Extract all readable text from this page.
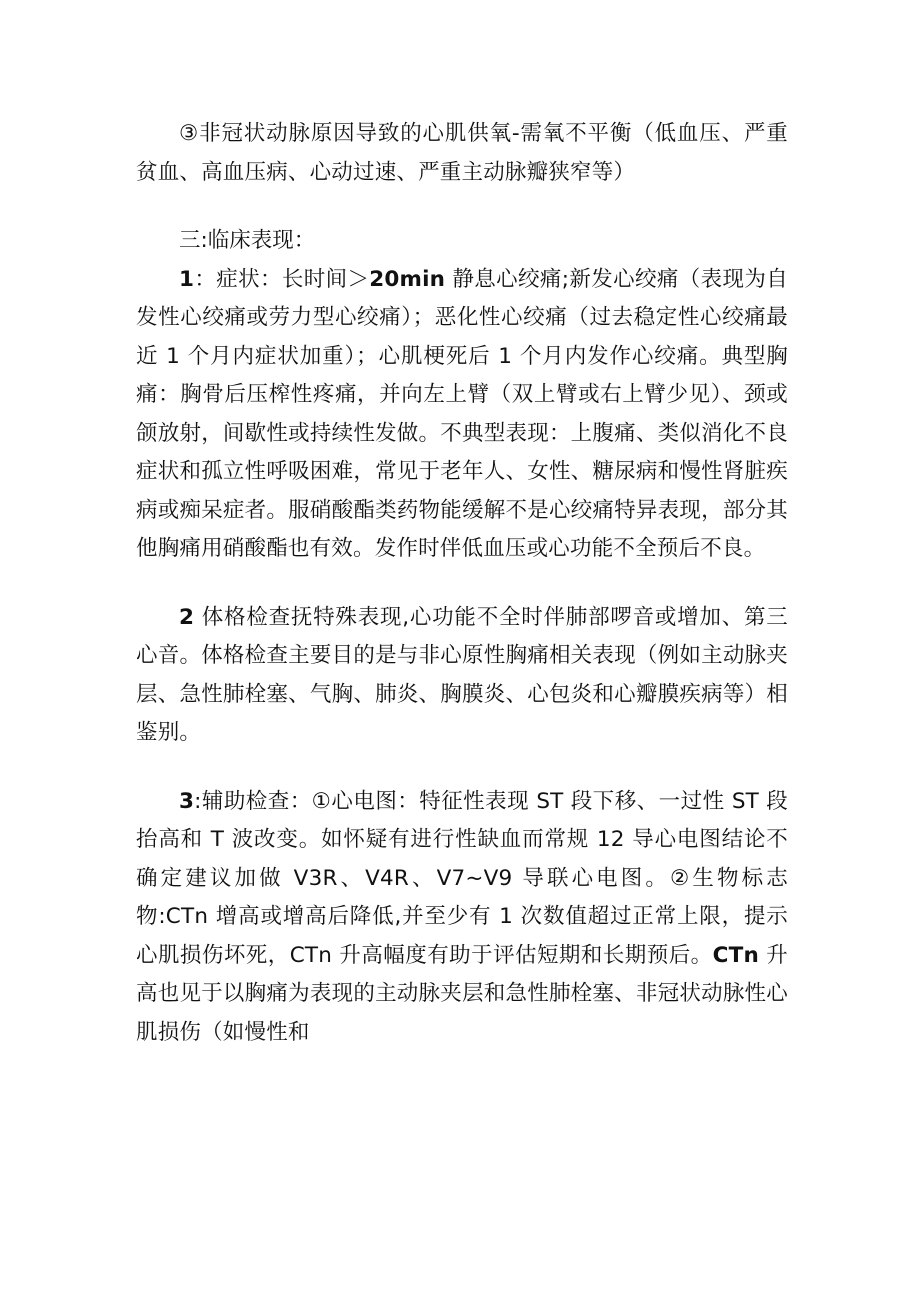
③非冠状动脉原因导致的心肌供氧-需氧不平衡（低血压、严重贫血、高血压病、心动过速、严重主动脉瓣狭窄等）

三:临床表现：

1：症状：长时间＞20min 静息心绞痛;新发心绞痛（表现为自发性心绞痛或劳力型心绞痛）；恶化性心绞痛（过去稳定性心绞痛最近 1 个月内症状加重）；心肌梗死后 1 个月内发作心绞痛。典型胸痛：胸骨后压榨性疼痛，并向左上臂（双上臂或右上臂少见）、颈或颌放射，间歇性或持续性发做。不典型表现：上腹痛、类似消化不良症状和孤立性呼吸困难，常见于老年人、女性、糖尿病和慢性肾脏疾病或痴呆症者。服硝酸酯类药物能缓解不是心绞痛特异表现，部分其他胸痛用硝酸酯也有效。发作时伴低血压或心功能不全预后不良。

2 体格检查抚特殊表现,心功能不全时伴肺部啰音或增加、第三心音。体格检查主要目的是与非心原性胸痛相关表现（例如主动脉夹层、急性肺栓塞、气胸、肺炎、胸膜炎、心包炎和心瓣膜疾病等）相鉴别。

3:辅助检查：①心电图：特征性表现 ST 段下移、一过性 ST 段抬高和 T 波改变。如怀疑有进行性缺血而常规 12 导心电图结论不确定建议加做 V3R、V4R、V7~V9 导联心电图。②生物标志物:CTn 增高或增高后降低,并至少有 1 次数值超过正常上限，提示心肌损伤坏死，CTn 升高幅度有助于评估短期和长期预后。CTn 升高也见于以胸痛为表现的主动脉夹层和急性肺栓塞、非冠状动脉性心肌损伤（如慢性和
